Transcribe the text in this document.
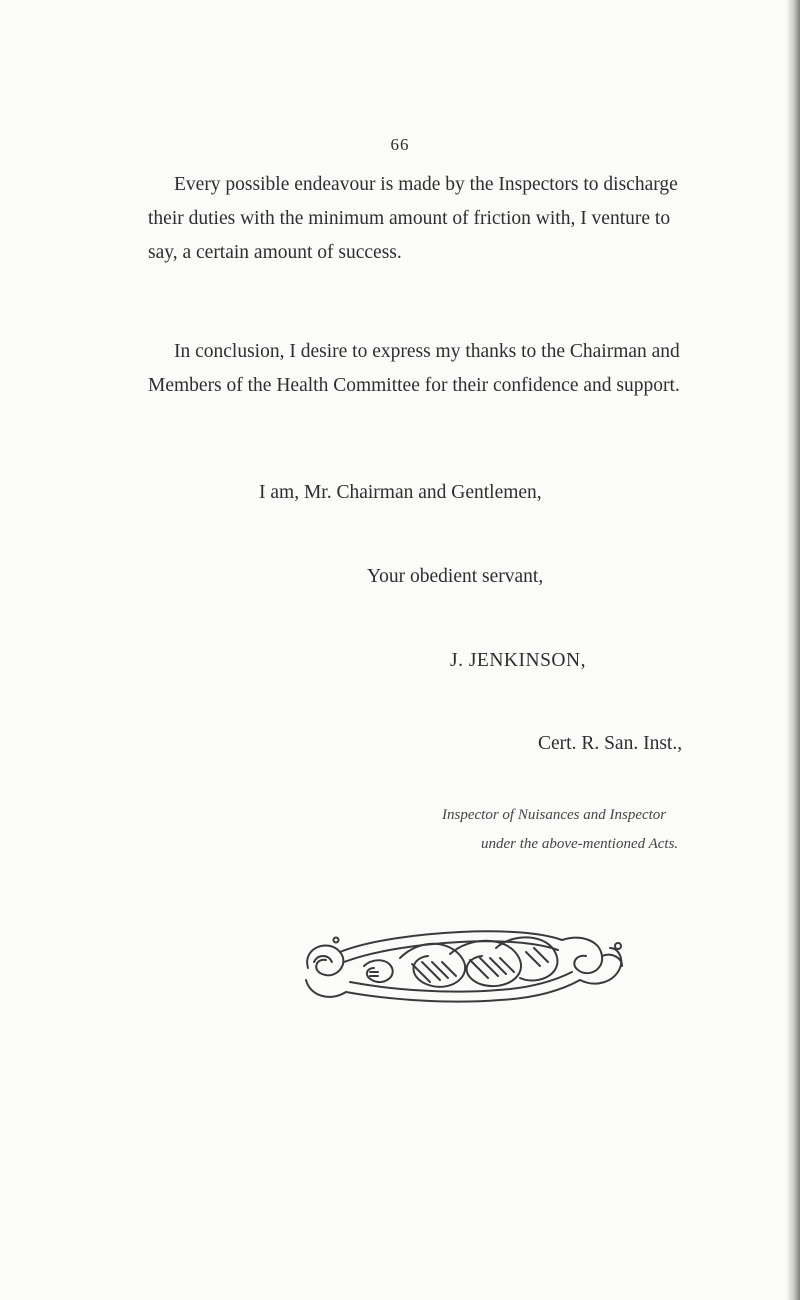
66
Every possible endeavour is made by the Inspectors to discharge
their duties with the minimum amount of friction with, I venture to
say, a certain amount of success.
In conclusion, I desire to express my thanks to the Chairman and
Members of the Health Committee for their confidence and support.
I am, Mr. Chairman and Gentlemen,
Your obedient servant,
J. JENKINSON,
Cert. R. San. Inst.,
Inspector of Nuisances and Inspector
under the above-mentioned Acts.
